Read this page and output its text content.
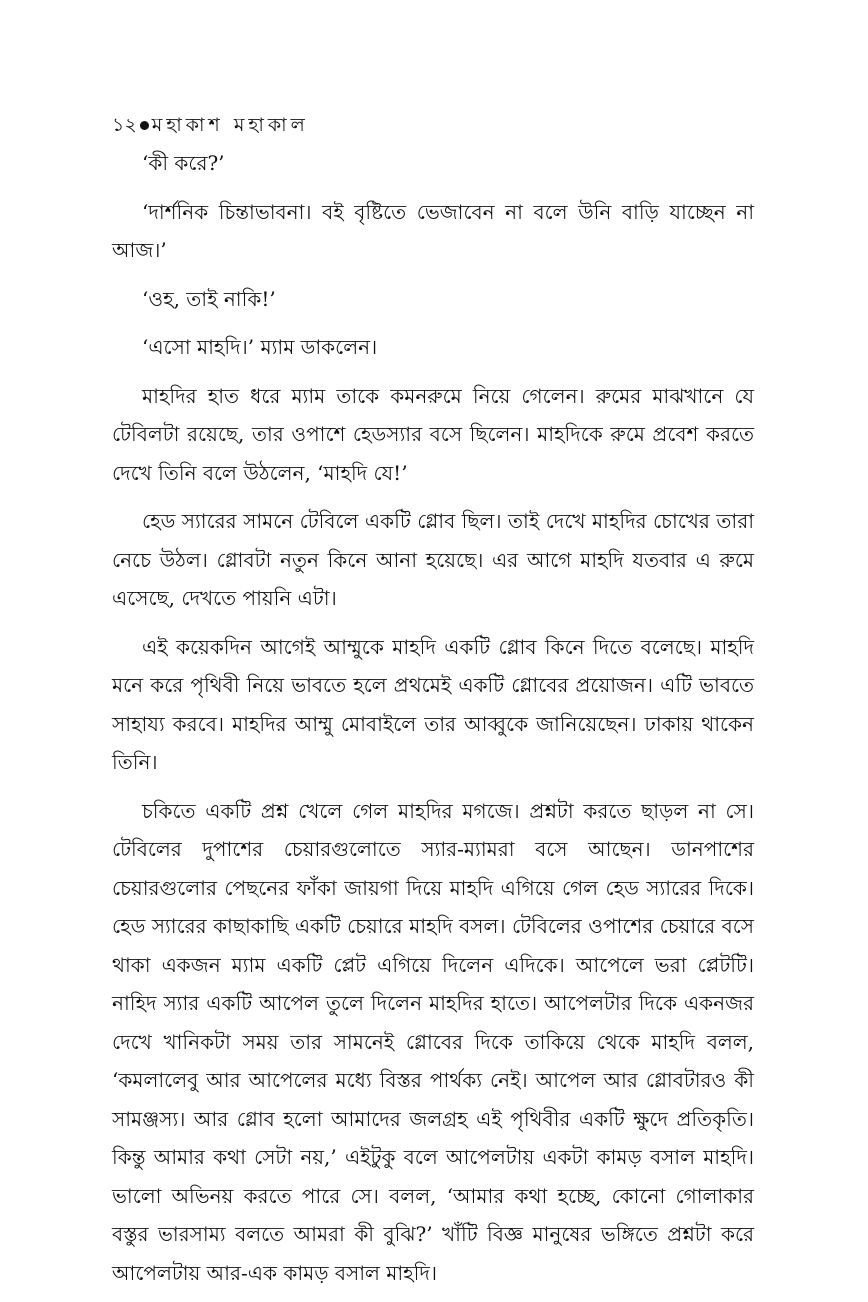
১২ মহাকাশ মহাকাল

‘কী করে?’

‘দার্শনিক চিন্তাভাবনা। বই বৃষ্টিতে ভেজাবেন না বলে উনি বাড়ি যাচ্ছেন না আজ।’

‘ওহ, তাই নাকি!’

‘এসো মাহদি।’ ম্যাম ডাকলেন।

মাহদির হাত ধরে ম্যাম তাকে কমনরুমে নিয়ে গেলেন। রুমের মাঝখানে যে টেবিলটা রয়েছে, তার ওপাশে হেডস্যার বসে ছিলেন। মাহদিকে রুমে প্রবেশ করতে দেখে তিনি বলে উঠলেন, ‘মাহদি যে!’

হেড স্যারের সামনে টেবিলে একটি গ্লোব ছিল। তাই দেখে মাহদির চোখের তারা নেচে উঠল। গ্লোবটা নতুন কিনে আনা হয়েছে। এর আগে মাহদি যতবার এ রুমে এসেছে, দেখতে পায়নি এটা।

এই কয়েকদিন আগেই আম্মুকে মাহদি একটি গ্লোব কিনে দিতে বলেছে। মাহদি মনে করে পৃথিবী নিয়ে ভাবতে হলে প্রথমেই একটি গ্লোবের প্রয়োজন। এটি ভাবতে সাহায্য করবে। মাহদির আম্মু মোবাইলে তার আব্বুকে জানিয়েছেন। ঢাকায় থাকেন তিনি।

চকিতে একটি প্রশ্ন খেলে গেল মাহদির মগজে। প্রশ্নটা করতে ছাড়ল না সে। টেবিলের দুপাশের চেয়ারগুলোতে স্যার-ম্যামরা বসে আছেন। ডানপাশের চেয়ারগুলোর পেছনের ফাঁকা জায়গা দিয়ে মাহদি এগিয়ে গেল হেড স্যারের দিকে। হেড স্যারের কাছাকাছি একটি চেয়ারে মাহদি বসল। টেবিলের ওপাশের চেয়ারে বসে থাকা একজন ম্যাম একটি প্লেট এগিয়ে দিলেন এদিকে। আপেলে ভরা প্লেটটি। নাহিদ স্যার একটি আপেল তুলে দিলেন মাহদির হাতে। আপেলটার দিকে একনজর দেখে খানিকটা সময় তার সামনেই গ্লোবের দিকে তাকিয়ে থেকে মাহদি বলল, ‘কমলালেবু আর আপেলের মধ্যে বিস্তর পার্থক্য নেই। আপেল আর গ্লোবটারও কী সামঞ্জস্য। আর গ্লোব হলো আমাদের জলগ্রহ এই পৃথিবীর একটি ক্ষুদে প্রতিকৃতি। কিন্তু আমার কথা সেটা নয়,’ এইটুকু বলে আপেলটায় একটা কামড় বসাল মাহদি। ভালো অভিনয় করতে পারে সে। বলল, ‘আমার কথা হচ্ছে, কোনো গোলাকার বস্তুর ভারসাম্য বলতে আমরা কী বুঝি?’ খাঁটি বিজ্ঞ মানুষের ভঙ্গিতে প্রশ্নটা করে আপেলটায় আর-এক কামড় বসাল মাহদি।
